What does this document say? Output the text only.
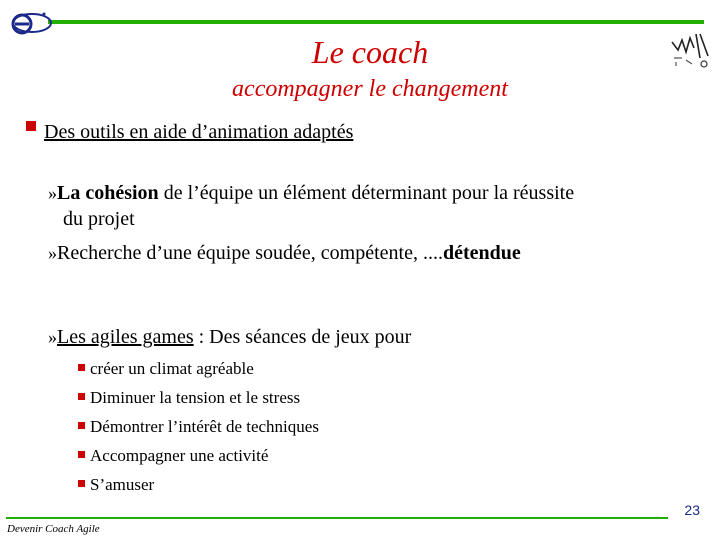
Le coach
accompagner le changement
Des outils en aide d’animation adaptés
»La cohésion de l’équipe un élément déterminant pour la réussite
du projet
»Recherche d’une équipe soudée, compétente, ....détendue
»Les agiles games : Des séances de jeux pour
créer un climat agréable
Diminuer la tension et le stress
Démontrer l’intérêt de techniques
Accompagner une activité
S’amuser
23
Devenir Coach Agile
